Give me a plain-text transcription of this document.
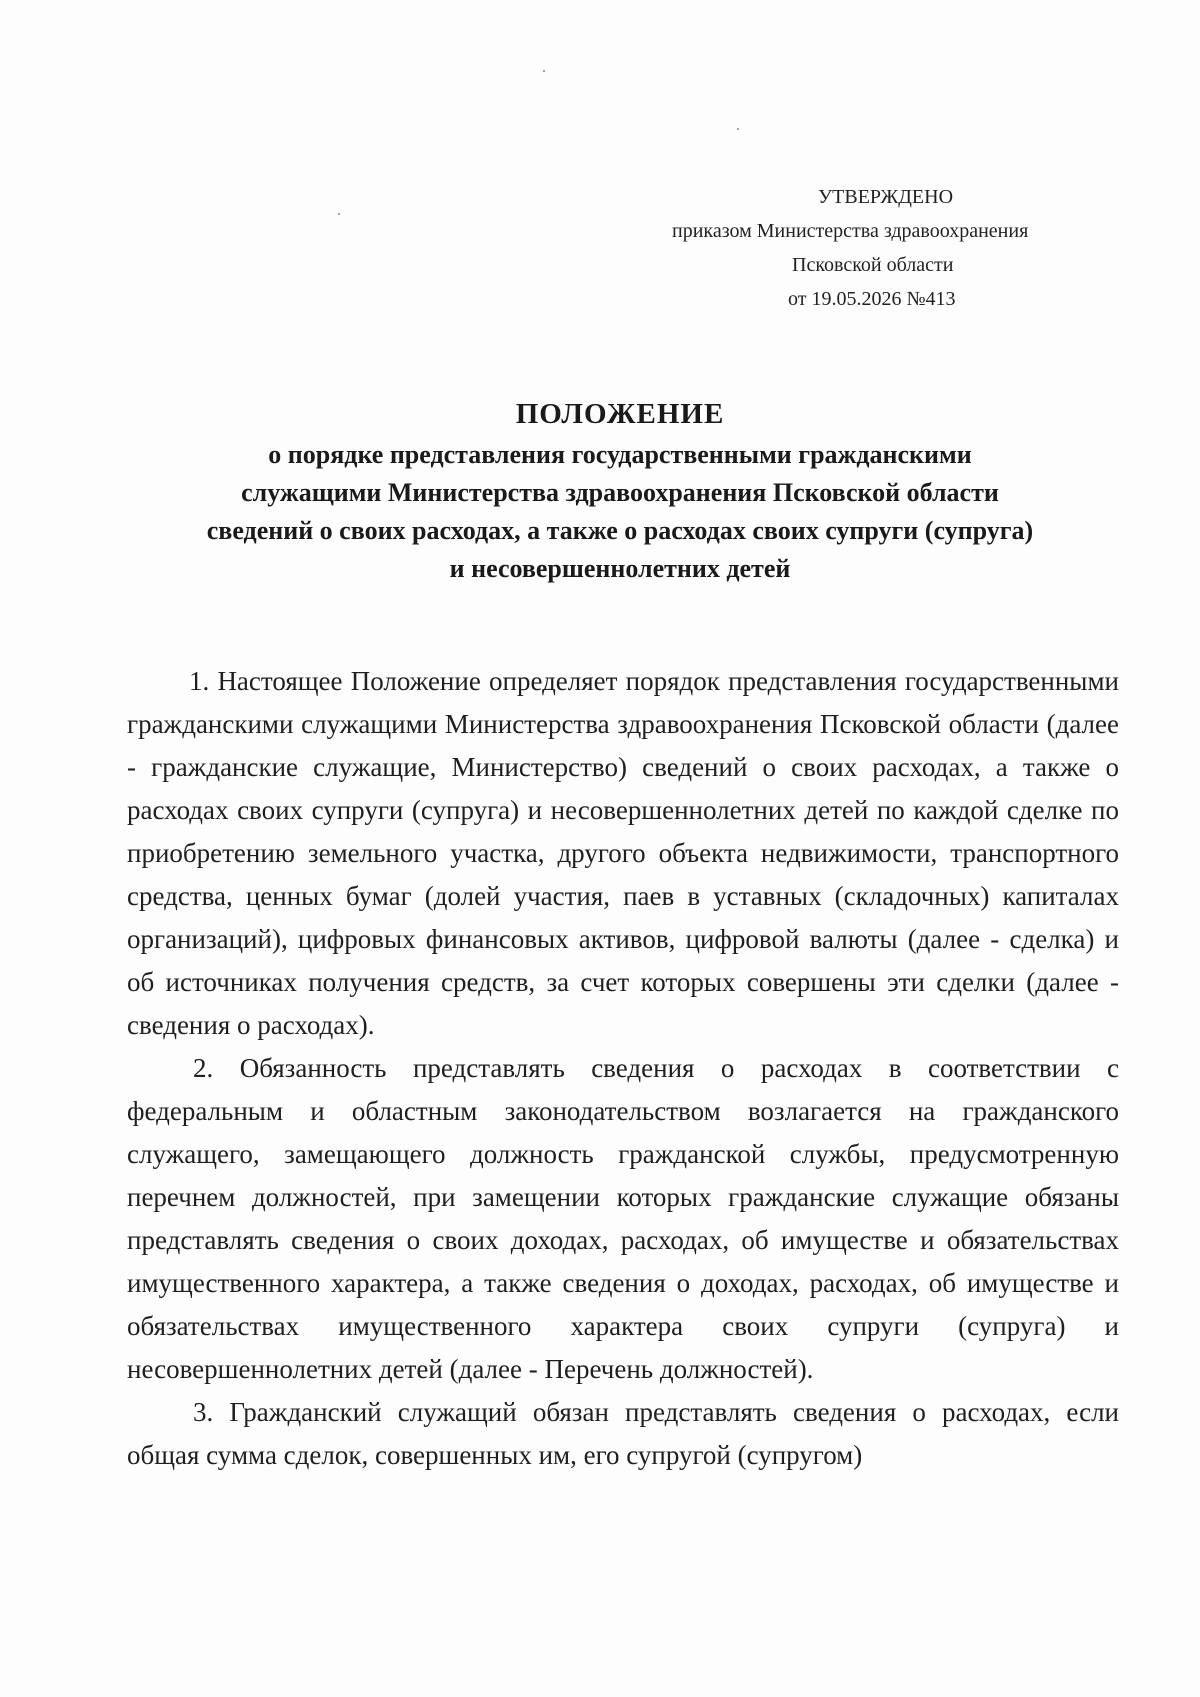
УТВЕРЖДЕНО
приказом Министерства здравоохранения
Псковской области
от 19.05.2026 №413
ПОЛОЖЕНИЕ
о порядке представления государственными гражданскими
служащими Министерства здравоохранения Псковской области
сведений о своих расходах, а также о расходах своих супруги (супруга)
и несовершеннолетних детей

1. Настоящее Положение определяет порядок представления государственными гражданскими служащими Министерства здравоохранения Псковской области (далее - гражданские служащие, Министерство) сведений о своих расходах, а также о расходах своих супруги (супруга) и несовершеннолетних детей по каждой сделке по приобретению земельного участка, другого объекта недвижимости, транспортного средства, ценных бумаг (долей участия, паев в уставных (складочных) капиталах организаций), цифровых финансовых активов, цифровой валюты (далее - сделка) и об источниках получения средств, за счет которых совершены эти сделки (далее - сведения о расходах).

2. Обязанность представлять сведения о расходах в соответствии с федеральным и областным законодательством возлагается на гражданского служащего, замещающего должность гражданской службы, предусмотренную перечнем должностей, при замещении которых гражданские служащие обязаны представлять сведения о своих доходах, расходах, об имуществе и обязательствах имущественного характера, а также сведения о доходах, расходах, об имуществе и обязательствах имущественного характера своих супруги (супруга) и несовершеннолетних детей (далее - Перечень должностей).

3. Гражданский служащий обязан представлять сведения о расходах, если общая сумма сделок, совершенных им, его супругой (супругом)
